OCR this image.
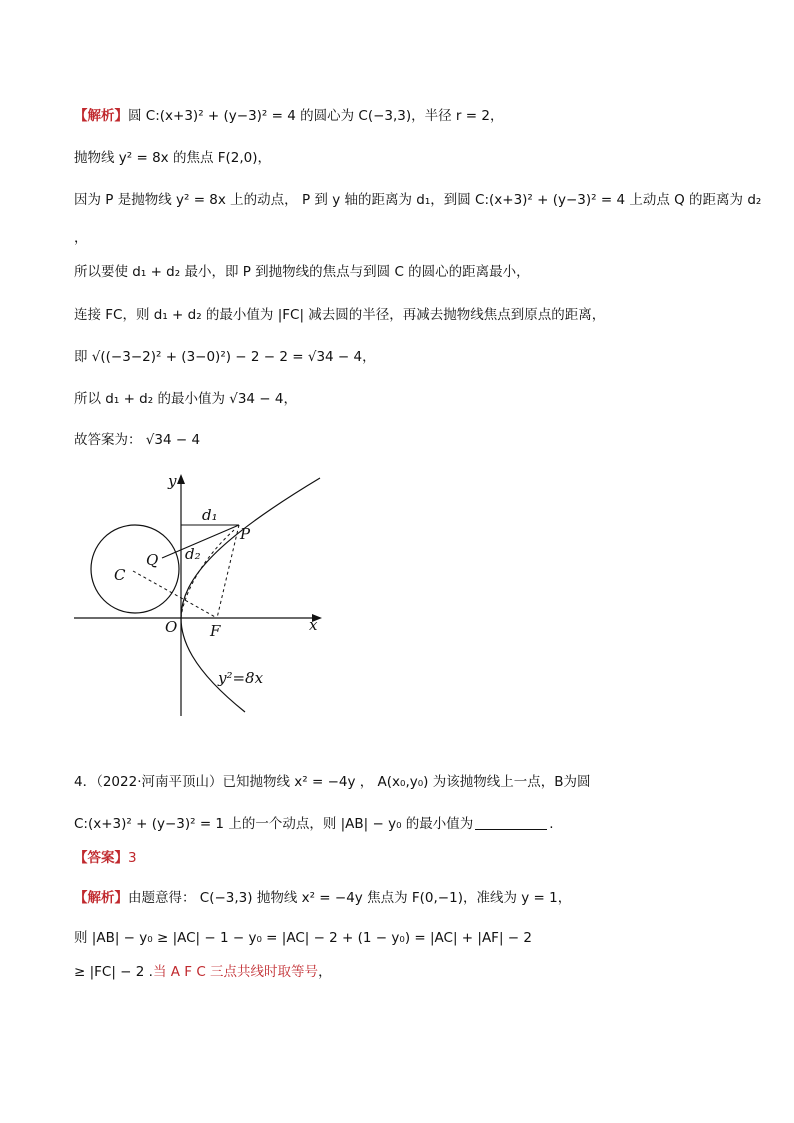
【解析】圆 C:(x+3)² + (y−3)² = 4 的圆心为 C(−3,3)，半径 r = 2，
抛物线 y² = 8x 的焦点 F(2,0)，
因为 P 是抛物线 y² = 8x 上的动点， P 到 y 轴的距离为 d₁，到圆 C:(x+3)² + (y−3)² = 4 上动点 Q 的距离为 d₂
，
所以要使 d₁ + d₂ 最小，即 P 到抛物线的焦点与到圆 C 的圆心的距离最小，
连接 FC，则 d₁ + d₂ 的最小值为 |FC| 减去圆的半径，再减去抛物线焦点到原点的距离，
即 √((−3−2)² + (3−0)²) − 2 − 2 = √34 − 4，
所以 d₁ + d₂ 的最小值为 √34 − 4，
故答案为： √34 − 4
y
x
O F
C
Q
P
d₁
d₂
y²=8x
4．（2022·河南平顶山）已知抛物线 x² = −4y ， A(x₀,y₀) 为该抛物线上一点，B为圆
C:(x+3)² + (y−3)² = 1 上的一个动点，则 |AB| − y₀ 的最小值为	.
【答案】3
【解析】由题意得： C(−3,3) 抛物线 x² = −4y 焦点为 F(0,−1)，准线为 y = 1，
则 |AB| − y₀ ≥ |AC| − 1 − y₀ = |AC| − 2 + (1 − y₀) = |AC| + |AF| − 2
≥ |FC| − 2 .当 A F C 三点共线时取等号，
